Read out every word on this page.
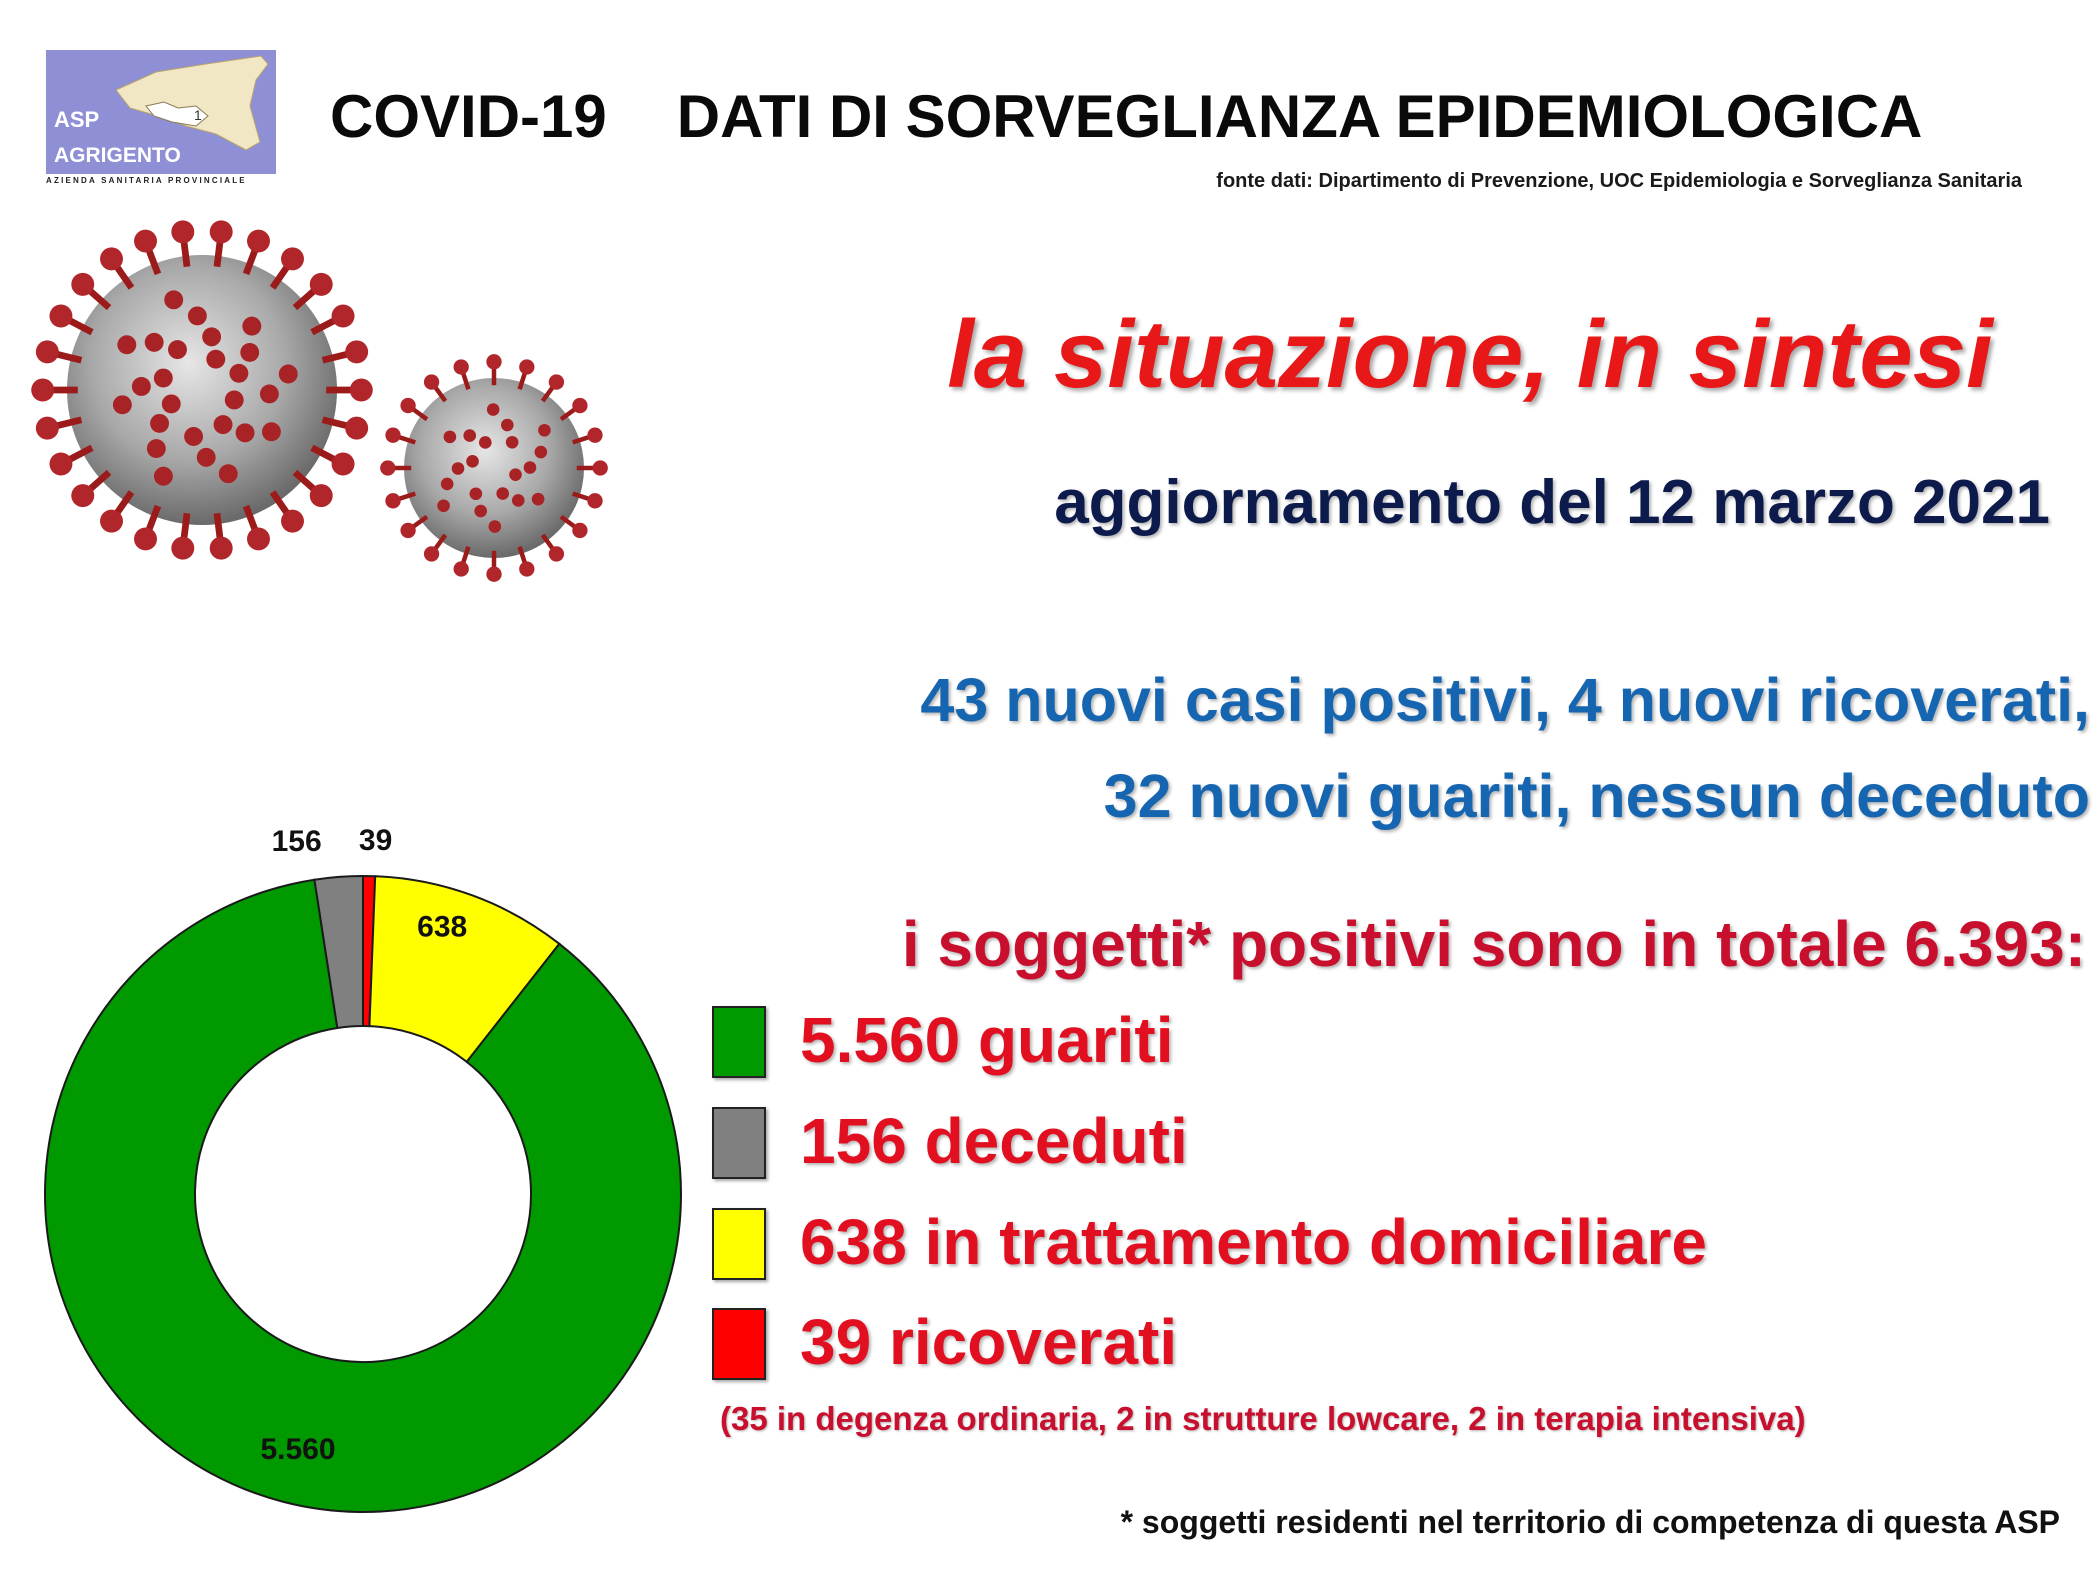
1
ASP
AGRIGENTO
AZIENDA SANITARIA PROVINCIALE
COVID-19 DATI DI SORVEGLIANZA EPIDEMIOLOGICA
fonte dati: Dipartimento di Prevenzione, UOC Epidemiologia e Sorveglianza Sanitaria
la situazione, in sintesi
aggiornamento del 12 marzo 2021
43 nuovi casi positivi, 4 nuovi ricoverati,
32 nuovi guariti, nessun deceduto
i soggetti* positivi sono in totale 6.393:
5.560 guariti
156 deceduti
638 in trattamento domiciliare
39 ricoverati
(35 in degenza ordinaria, 2 in strutture lowcare, 2 in terapia intensiva)
* soggetti residenti nel territorio di competenza di questa ASP
39
638
5.560
156
